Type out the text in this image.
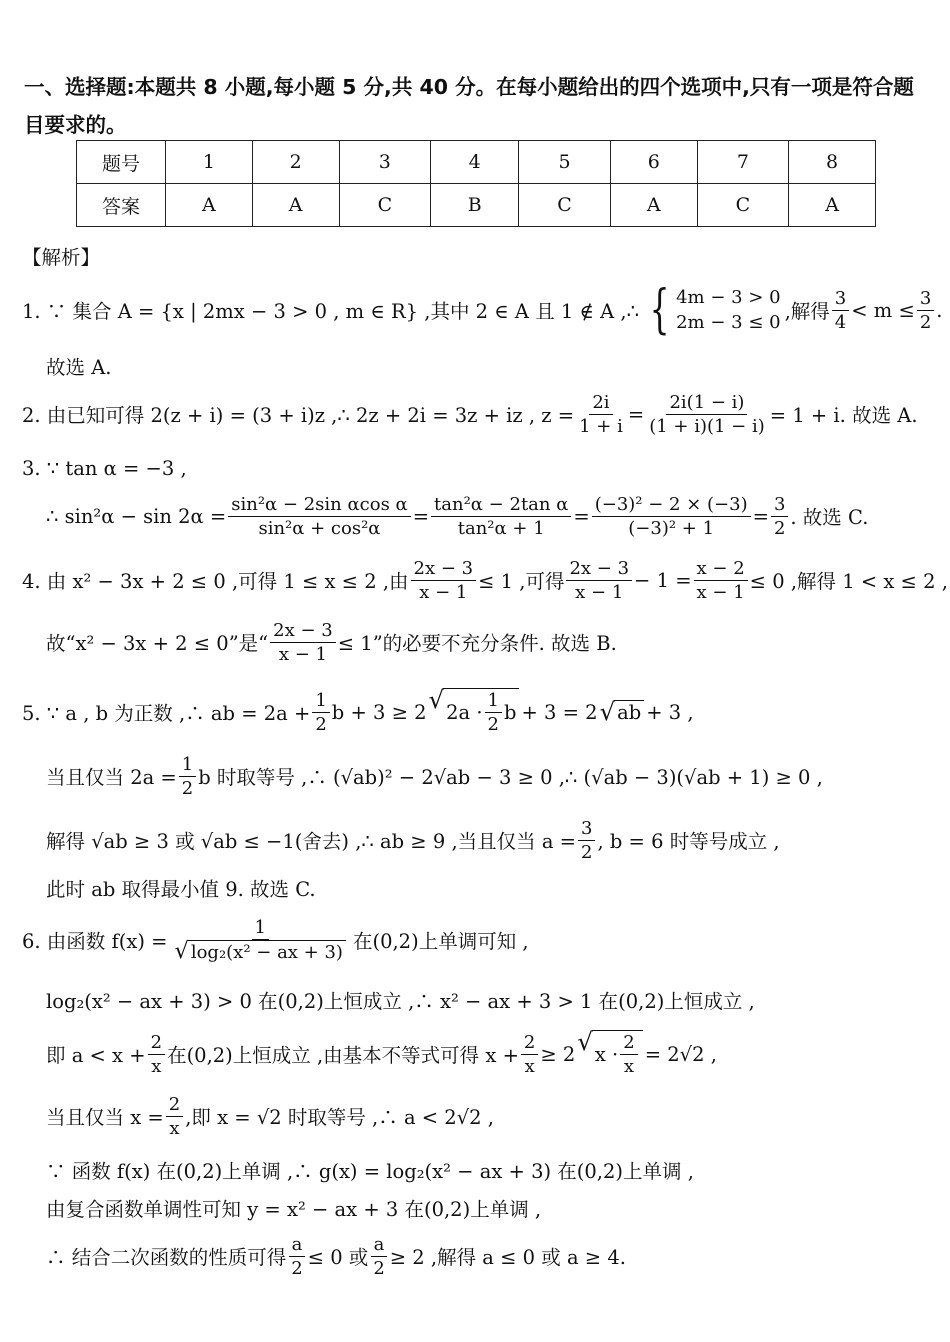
一、选择题:本题共 8 小题,每小题 5 分,共 40 分。在每小题给出的四个选项中,只有一项是符合题目要求的。
题号	1	2	3	4	5	6	7	8
答案	A	A	C	B	C	A	C	A
【解析】
1. ∵ 集合 A = {x | 2mx − 3 > 0 , m ∈ R} ,其中 2 ∈ A 且 1 ∉ A ,∴ { 4m − 3 > 0
2m − 3 ≤ 0 ,解得 $\frac{3}{4} < m \le \frac{3}{2}$ .
故选 A.
2. 由已知可得 2(z + i) = (3 + i)z ,∴ 2z + 2i = 3z + iz , $z = \frac{2i}{1 + i} = \frac{2i(1 - i)}{(1 + i)(1 - i)} = 1 + i$. 故选 A.
3. ∵ tan α = −3 ,
∴ $\sin^2\alpha - \sin 2\alpha = \frac{\text{sin²α − 2sin αcos α}}{\text{sin²α + cos²α}} = \frac{\text{tan²α − 2tan α}}{\text{tan²α + 1}} = \frac{\text{(−3)² − 2 × (−3)}}{\text{(−3)² + 1}} = \frac{3}{2}$ . 故选 C.
4. 由 x² − 3x + 2 ≤ 0 ,可得 1 ≤ x ≤ 2 ,由 $\frac{2x - 3}{x - 1} \le 1$ ,可得 $\frac{2x - 3}{x - 1} - 1 = \frac{x - 2}{x - 1} \le 0$ ,解得 1 < x ≤ 2 ,
故“x² − 3x + 2 ≤ 0”是“ $\frac{2x - 3}{x - 1} \le 1$”的必要不充分条件. 故选 B.
5. ∵ a , b 为正数 ,∴ ab = $2a + \frac{1}{2}$ b + 3 ≥ 2 √ $2a \cdot \frac{1}{2}$ b + 3 = 2 √ ab + 3 ,
当且仅当 $2a = \frac{1}{2}$ b 时取等号 ,∴ (√ab)² − 2√ab − 3 ≥ 0 ,∴ (√ab − 3)(√ab + 1) ≥ 0 ,
解得 √ab ≥ 3 或 √ab ≤ −1(舍去) ,∴ ab ≥ 9 ,当且仅当 $a = \frac{3}{2}$ , b = 6 时等号成立 ,
此时 ab 取得最小值 9. 故选 C.
6. 由函数 $f(x) = \frac{1}{\text{√ log₂(x² − ax + 3)}}$ 在(0,2)上单调可知 ,
log₂(x² − ax + 3) > 0 在(0,2)上恒成立 ,∴ x² − ax + 3 > 1 在(0,2)上恒成立 ,
即 $a < x + \frac{2}{x}$ 在(0,2)上恒成立 ,由基本不等式可得 $x + \frac{2}{x} \ge 2$ √ $x \cdot \frac{2}{x} = 2√2$ ,
当且仅当 $x = \frac{2}{x}$ ,即 x = √2 时取等号 ,∴ a < 2√2 ,
∵ 函数 f(x) 在(0,2)上单调 ,∴ g(x) = log₂(x² − ax + 3) 在(0,2)上单调 ,
由复合函数单调性可知 y = x² − ax + 3 在(0,2)上单调 ,
∴ 结合二次函数的性质可得 $\frac{a}{2} \le 0$ 或 $\frac{a}{2} \ge 2$ ,解得 a ≤ 0 或 a ≥ 4.
